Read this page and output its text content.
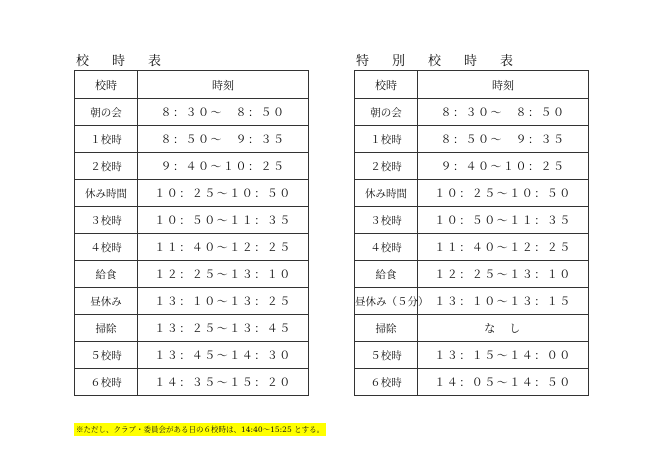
校　時　表	特　別　校　時　表
校時	時刻
朝の会	８：３０～　８：５０
１校時	８：５０～　９：３５
２校時	９：４０～１０：２５
休み時間	１０：２５～１０：５０
３校時	１０：５０～１１：３５
４校時	１１：４０～１２：２５
給食	１２：２５～１３：１０
昼休み	１３：１０～１３：２５
掃除	１３：２５～１３：４５
５校時	１３：４５～１４：３０
６校時	１４：３５～１５：２０
校時	時刻
朝の会	８：３０～　８：５０
１校時	８：５０～　９：３５
２校時	９：４０～１０：２５
休み時間	１０：２５～１０：５０
３校時	１０：５０～１１：３５
４校時	１１：４０～１２：２５
給食	１２：２５～１３：１０
昼休み（５分）	１３：１０～１３：１５
掃除	な　し
５校時	１３：１５～１４：００
６校時	１４：０５～１４：５０
※ただし、クラブ・委員会がある日の６校時は、14:40～15:25 とする。
